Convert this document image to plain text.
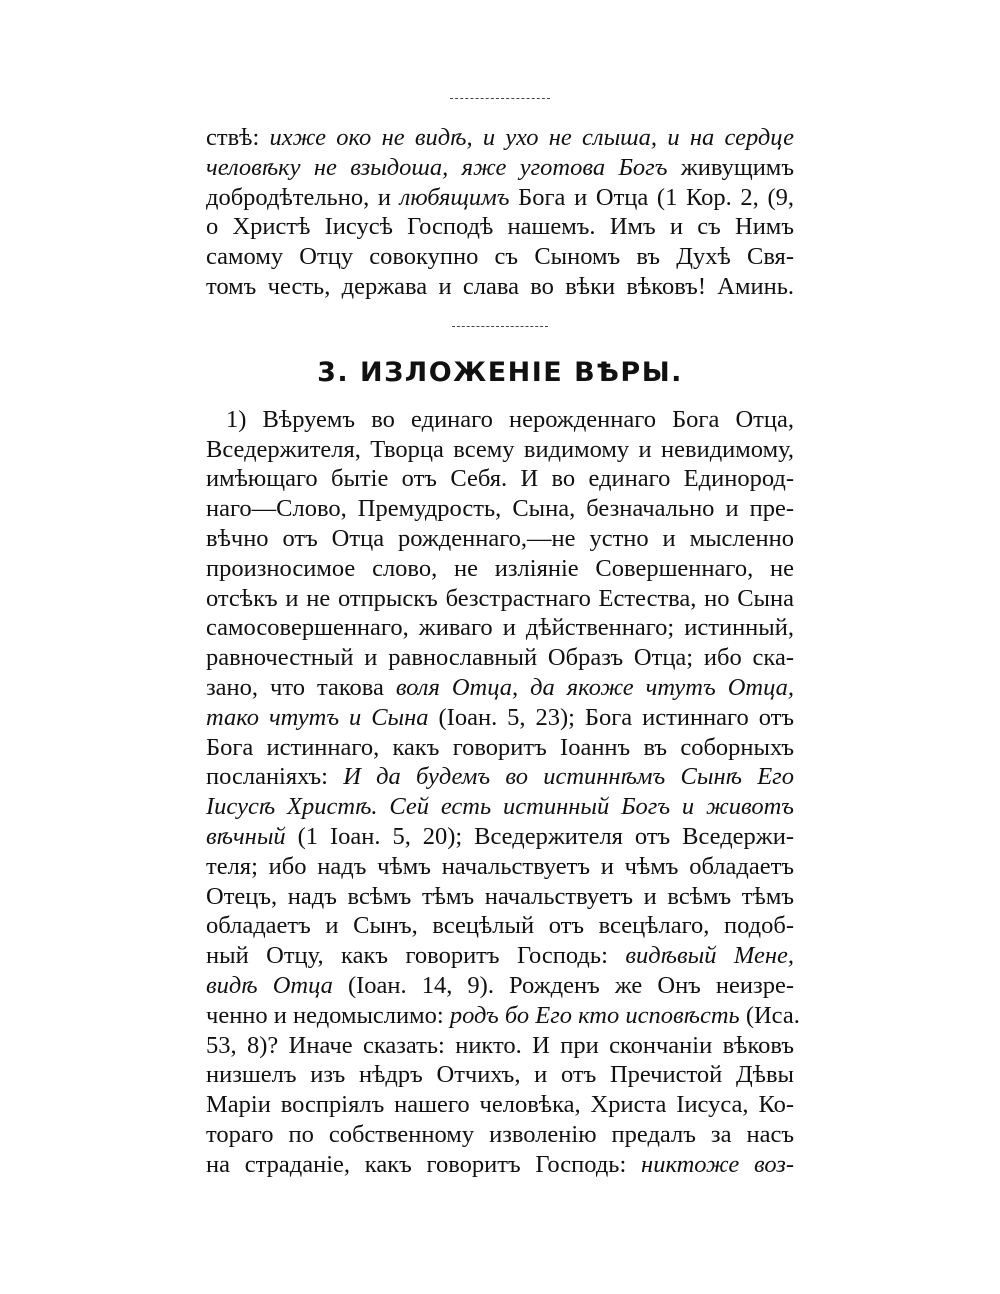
ствѣ: ихже око не видѣ, и ухо не слыша, и на сердце
человѣку не взыдоша, яже уготова Богъ живущимъ
добродѣтельно, и любящимъ Бога и Отца (1 Кор. 2, (9,
о Христѣ Іисусѣ Господѣ нашемъ. Имъ и съ Нимъ
самому Отцу совокупно съ Сыномъ въ Духѣ Свя-
томъ честь, держава и слава во вѣки вѣковъ! Аминь.
3. ИЗЛОЖЕНІЕ ВѢРЫ.
1) Вѣруемъ во единаго нерожденнаго Бога Отца,
Вседержителя, Творца всему видимому и невидимому,
имѣющаго бытіе отъ Себя. И во единаго Единород-
наго—Слово, Премудрость, Сына, безначально и пре-
вѣчно отъ Отца рожденнаго,—не устно и мысленно
произносимое слово, не изліяніе Совершеннаго, не
отсѣкъ и не отпрыскъ безстрастнаго Естества, но Сына
самосовершеннаго, живаго и дѣйственнаго; истинный,
равночестный и равнославный Образъ Отца; ибо ска-
зано, что такова воля Отца, да якоже чтутъ Отца,
тако чтутъ и Сына (Іоан. 5, 23); Бога истиннаго отъ
Бога истиннаго, какъ говоритъ Іоаннъ въ соборныхъ
посланіяхъ: И да будемъ во истиннѣмъ Сынѣ Его
Іисусѣ Христѣ. Сей есть истинный Богъ и животъ
вѣчный (1 Іоан. 5, 20); Вседержителя отъ Вседержи-
теля; ибо надъ чѣмъ начальствуетъ и чѣмъ обладаетъ
Отецъ, надъ всѣмъ тѣмъ начальствуетъ и всѣмъ тѣмъ
обладаетъ и Сынъ, всецѣлый отъ всецѣлаго, подоб-
ный Отцу, какъ говоритъ Господь: видѣвый Мене,
видѣ Отца (Іоан. 14, 9). Рожденъ же Онъ неизре-
ченно и недомыслимо: родъ бо Его кто исповѣсть (Иса.
53, 8)? Иначе сказать: никто. И при скончаніи вѣковъ
низшелъ изъ нѣдръ Отчихъ, и отъ Пречистой Дѣвы
Маріи воспріялъ нашего человѣка, Христа Іисуса, Ко-
тораго по собственному изволенію предалъ за насъ
на страданіе, какъ говоритъ Господь: никтоже воз-
